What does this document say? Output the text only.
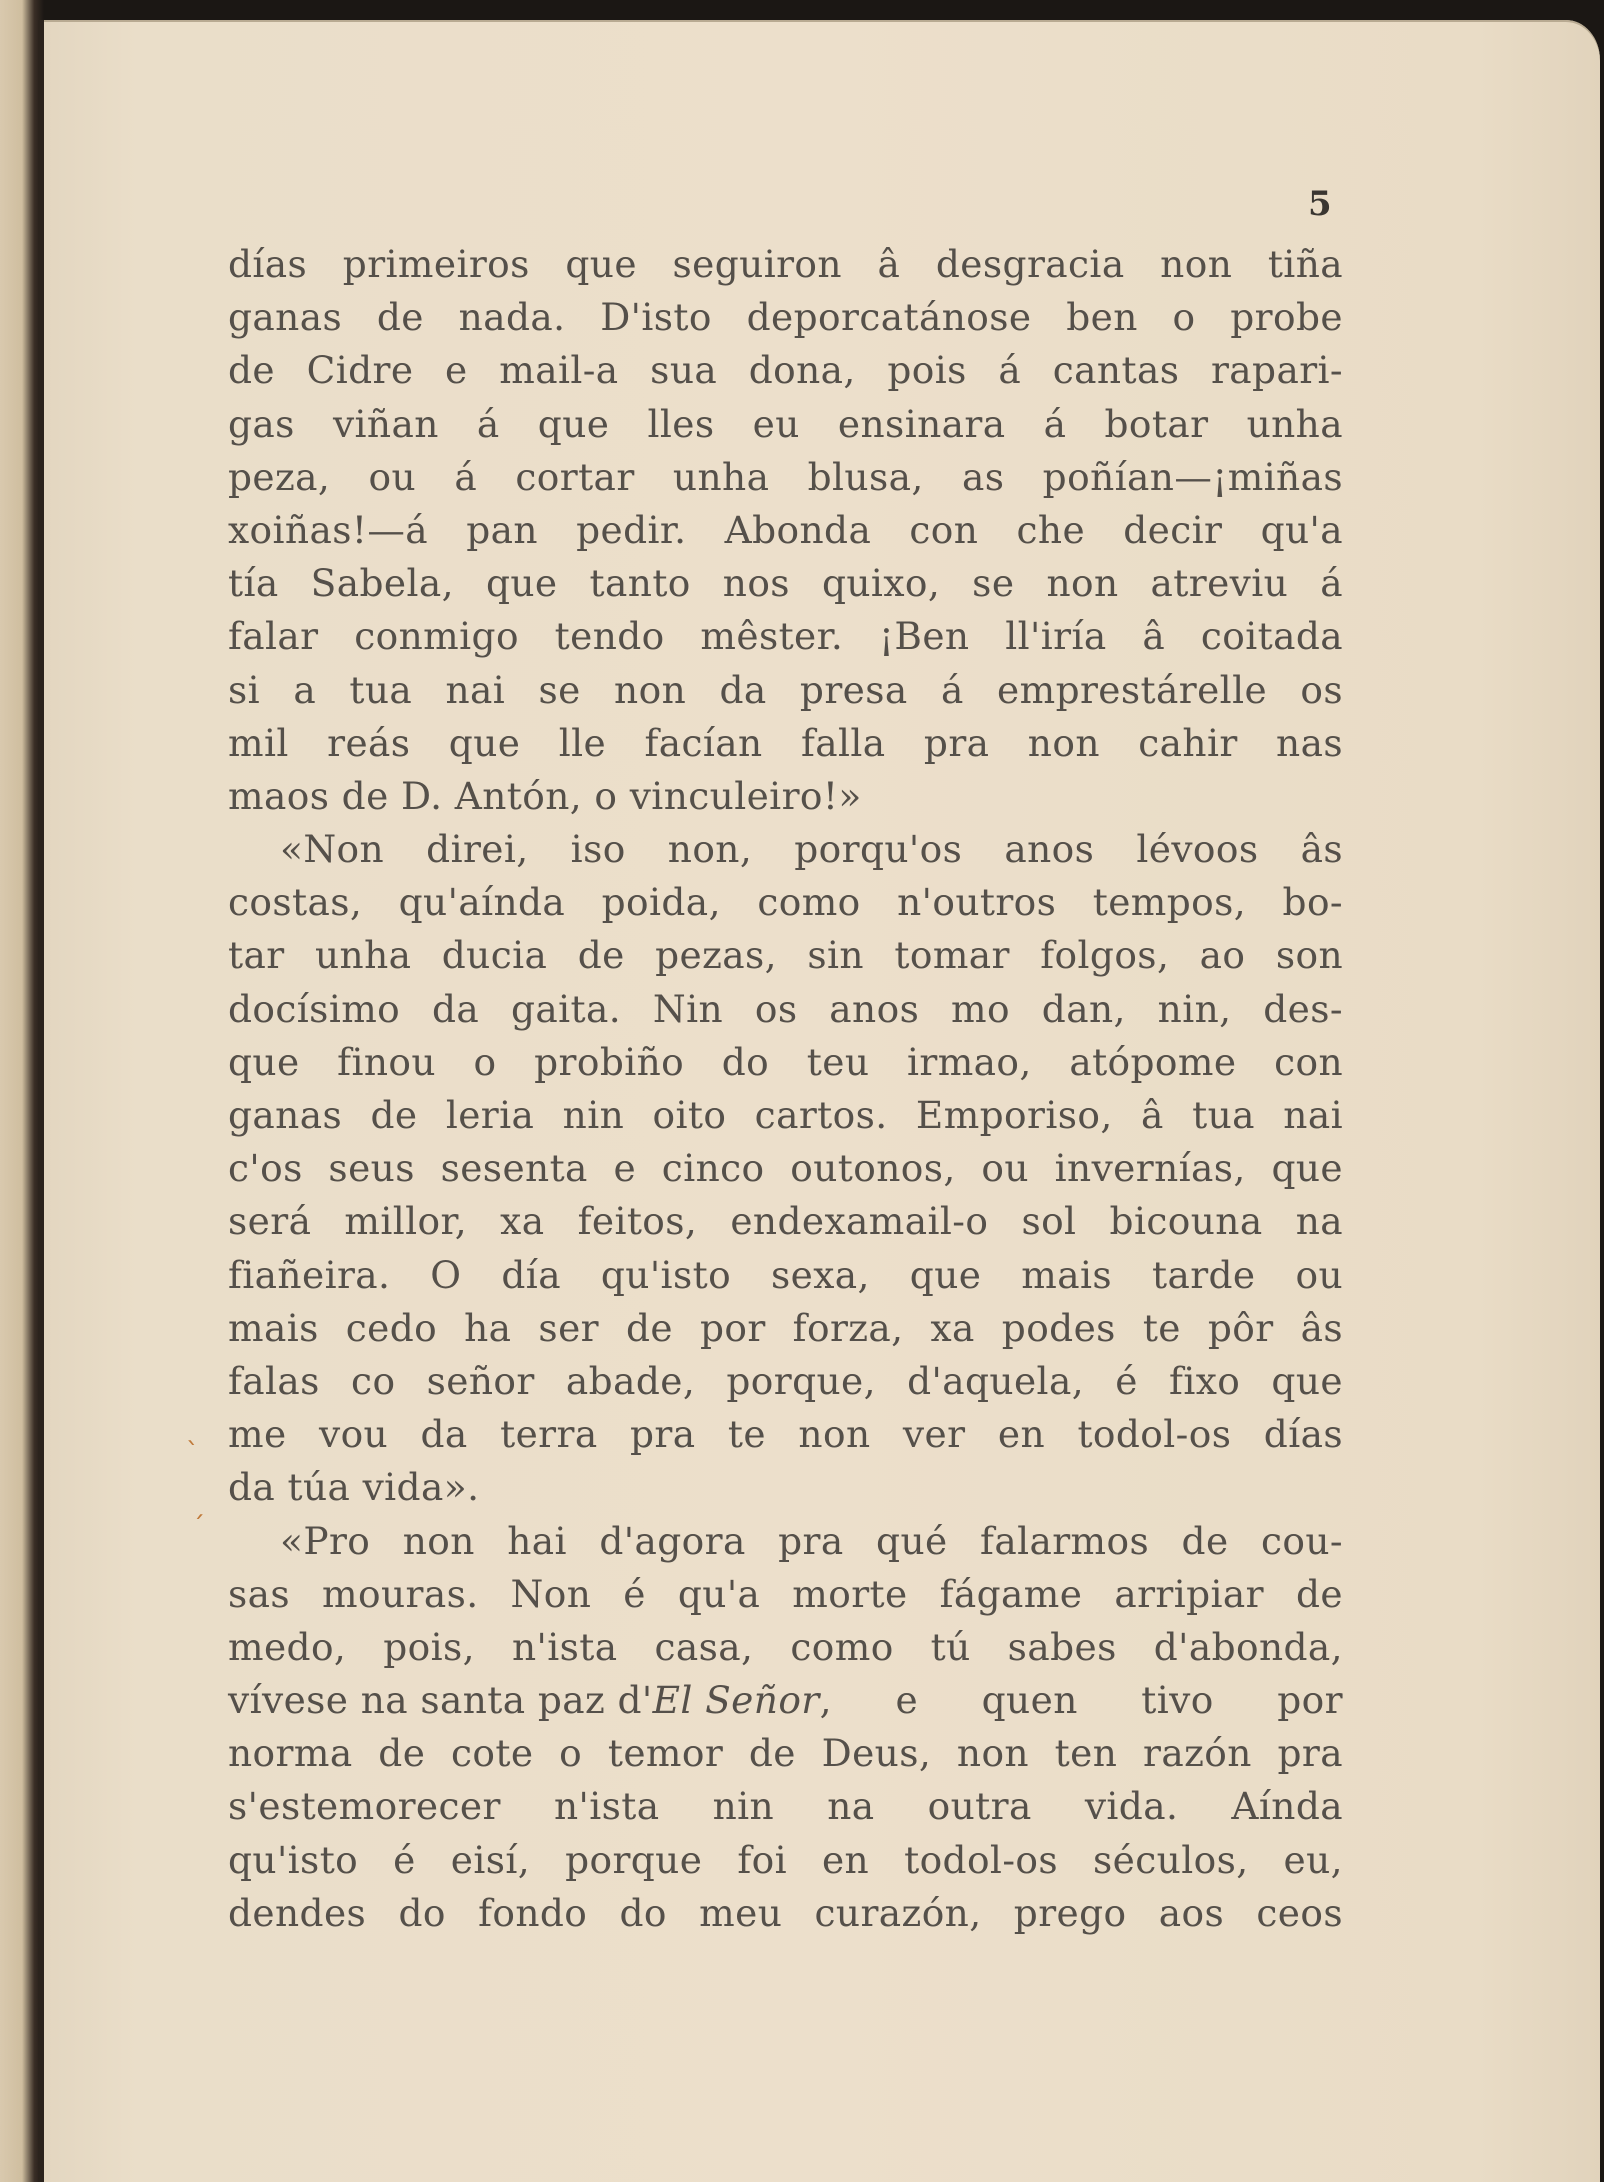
5
ˋ
ˏ
días primeiros que seguiron â desgracia non tiña
ganas de nada. D'isto deporcatánose ben o probe
de Cidre e mail-a sua dona, pois á cantas rapari-
gas viñan á que lles eu ensinara á botar unha
peza, ou á cortar unha blusa, as poñían—¡miñas
xoiñas!—á pan pedir. Abonda con che decir qu'a
tía Sabela, que tanto nos quixo, se non atreviu á
falar conmigo tendo mêster. ¡Ben ll'iría â coitada
si a tua nai se non da presa á emprestárelle os
mil reás que lle facían falla pra non cahir nas
maos de D. Antón, o vinculeiro!»
«Non direi, iso non, porqu'os anos lévoos âs
costas, qu'aínda poida, como n'outros tempos, bo-
tar unha ducia de pezas, sin tomar folgos, ao son
docísimo da gaita. Nin os anos mo dan, nin, des-
que finou o probiño do teu irmao, atópome con
ganas de leria nin oito cartos. Emporiso, â tua nai
c'os seus sesenta e cinco outonos, ou invernías, que
será millor, xa feitos, endexamail-o sol bicouna na
fiañeira. O día qu'isto sexa, que mais tarde ou
mais cedo ha ser de por forza, xa podes te pôr âs
falas co señor abade, porque, d'aquela, é fixo que
me vou da terra pra te non ver en todol-os días
da túa vida».
«Pro non hai d'agora pra qué falarmos de cou-
sas mouras. Non é qu'a morte fágame arripiar de
medo, pois, n'ista casa, como tú sabes d'abonda,
vívese na santa paz d' El Señor , e quen tivo por
norma de cote o temor de Deus, non ten razón pra
s'estemorecer n'ista nin na outra vida. Aínda
qu'isto é eisí, porque foi en todol-os séculos, eu,
dendes do fondo do meu curazón, prego aos ceos
